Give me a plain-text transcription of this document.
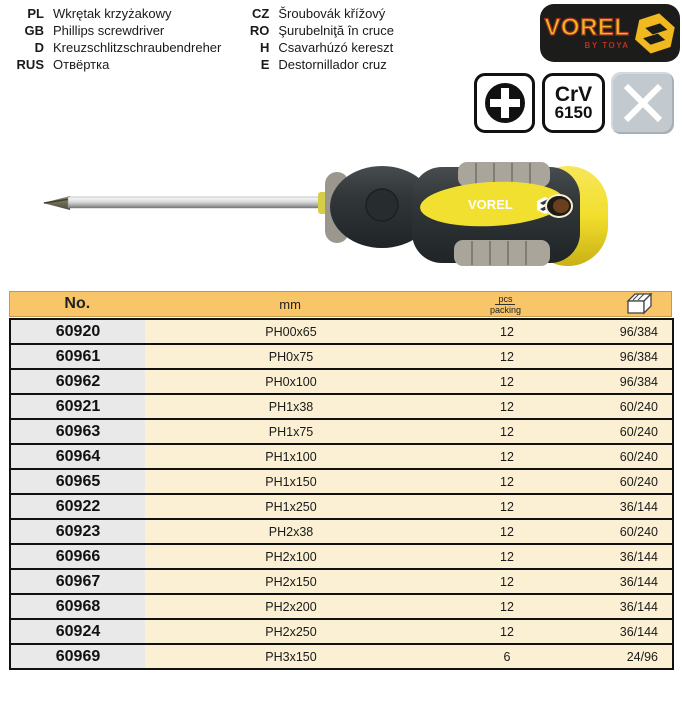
PL Wkrętak krzyżakowy
GB Phillips screwdriver
D Kreuzschlitzschraubendreher
RUS Отвёртка
CZ Šroubovák křížový
RO Şurubelniţă în cruce
H Csavarhúzó kereszt
E Destornillador cruz
VOREL
BY TOYA
CrV
6150
VOREL
No.	mm	pcs
packing
60920	PH00x65	12	96/384
60961	PH0x75	12	96/384
60962	PH0x100	12	96/384
60921	PH1x38	12	60/240
60963	PH1x75	12	60/240
60964	PH1x100	12	60/240
60965	PH1x150	12	60/240
60922	PH1x250	12	36/144
60923	PH2x38	12	60/240
60966	PH2x100	12	36/144
60967	PH2x150	12	36/144
60968	PH2x200	12	36/144
60924	PH2x250	12	36/144
60969	PH3x150	6	24/96
